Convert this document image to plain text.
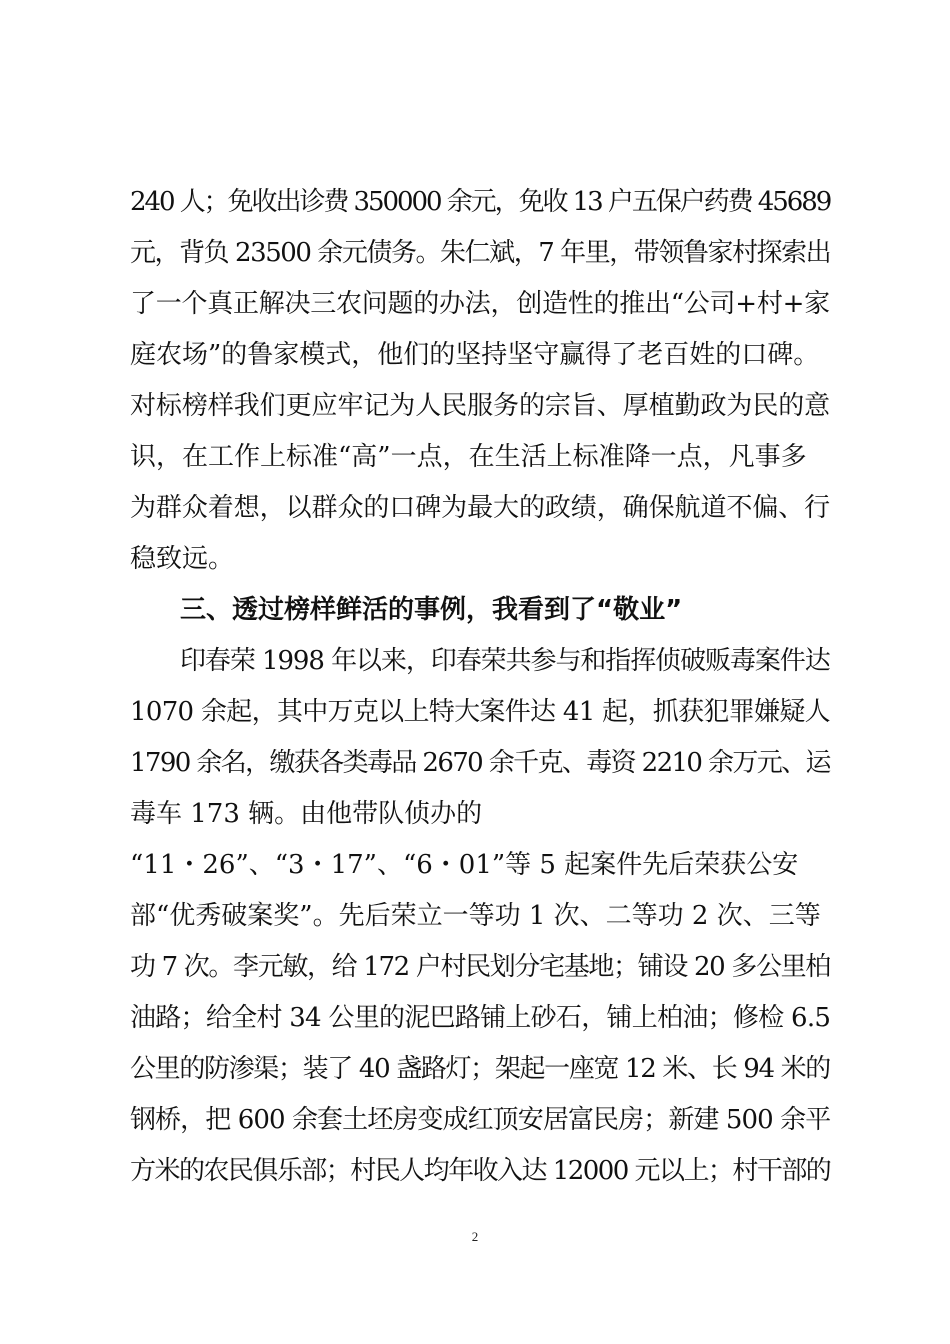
240 人；免收出诊费 350000 余元，免收 13 户五保户药费 45689
元，背负 23500 余元债务。朱仁斌，7 年里，带领鲁家村探索出
了一个真正解决三农问题的办法，创造性的推出“公司+村+家
庭农场”的鲁家模式，他们的坚持坚守赢得了老百姓的口碑。
对标榜样我们更应牢记为人民服务的宗旨、厚植勤政为民的意
识，在工作上标准“高”一点，在生活上标准降一点，凡事多
为群众着想，以群众的口碑为最大的政绩，确保航道不偏、行
稳致远。
三、透过榜样鲜活的事例，我看到了“敬业”
印春荣 1998 年以来，印春荣共参与和指挥侦破贩毒案件达
1070 余起，其中万克以上特大案件达 41 起，抓获犯罪嫌疑人
1790 余名，缴获各类毒品 2670 余千克、毒资 2210 余万元、运
毒车 173 辆。由他带队侦办的
“11・26”、“3・17”、“6・01”等 5 起案件先后荣获公安
部“优秀破案奖”。先后荣立一等功 1 次、二等功 2 次、三等
功 7 次。李元敏，给 172 户村民划分宅基地；铺设 20 多公里柏
油路；给全村 34 公里的泥巴路铺上砂石，铺上柏油；修检 6.5
公里的防渗渠；装了 40 盏路灯；架起一座宽 12 米、长 94 米的
钢桥，把 600 余套土坯房变成红顶安居富民房；新建 500 余平
方米的农民俱乐部；村民人均年收入达 12000 元以上；村干部的
2
